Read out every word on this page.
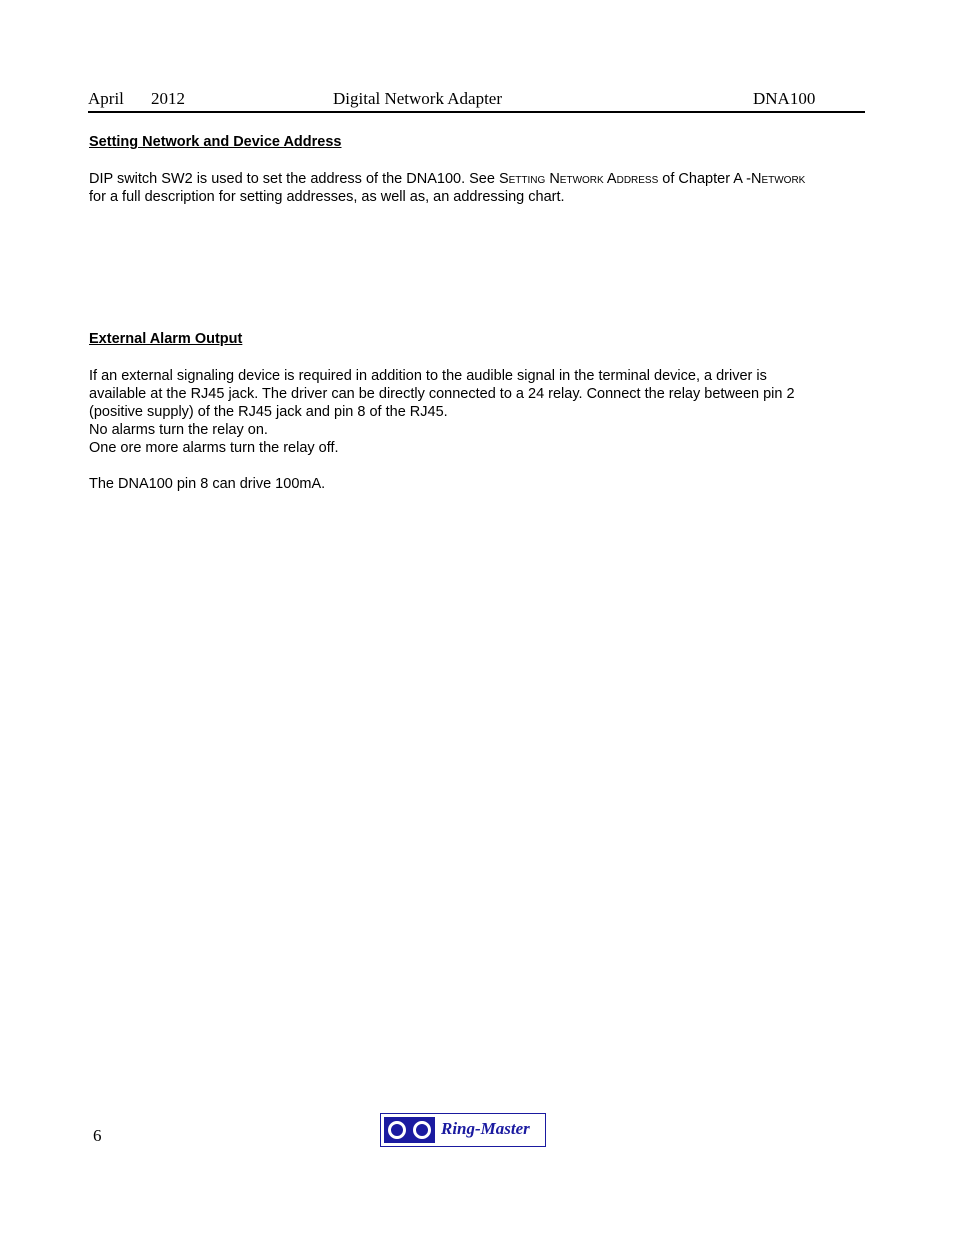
April 2012	Digital Network Adapter	DNA100
Setting Network and Device Address
DIP switch SW2 is used to set the address of the DNA100. See Setting Network Address of Chapter A -Network
for a full description for setting addresses, as well as, an addressing chart.
External Alarm Output
If an external signaling device is required in addition to the audible signal in the terminal device, a driver is
available at the RJ45 jack. The driver can be directly connected to a 24 relay. Connect the relay between pin 2
(positive supply) of the RJ45 jack and pin 8 of the RJ45.
No alarms turn the relay on.
One ore more alarms turn the relay off.
The DNA100 pin 8 can drive 100mA.
6	Ring-Master
